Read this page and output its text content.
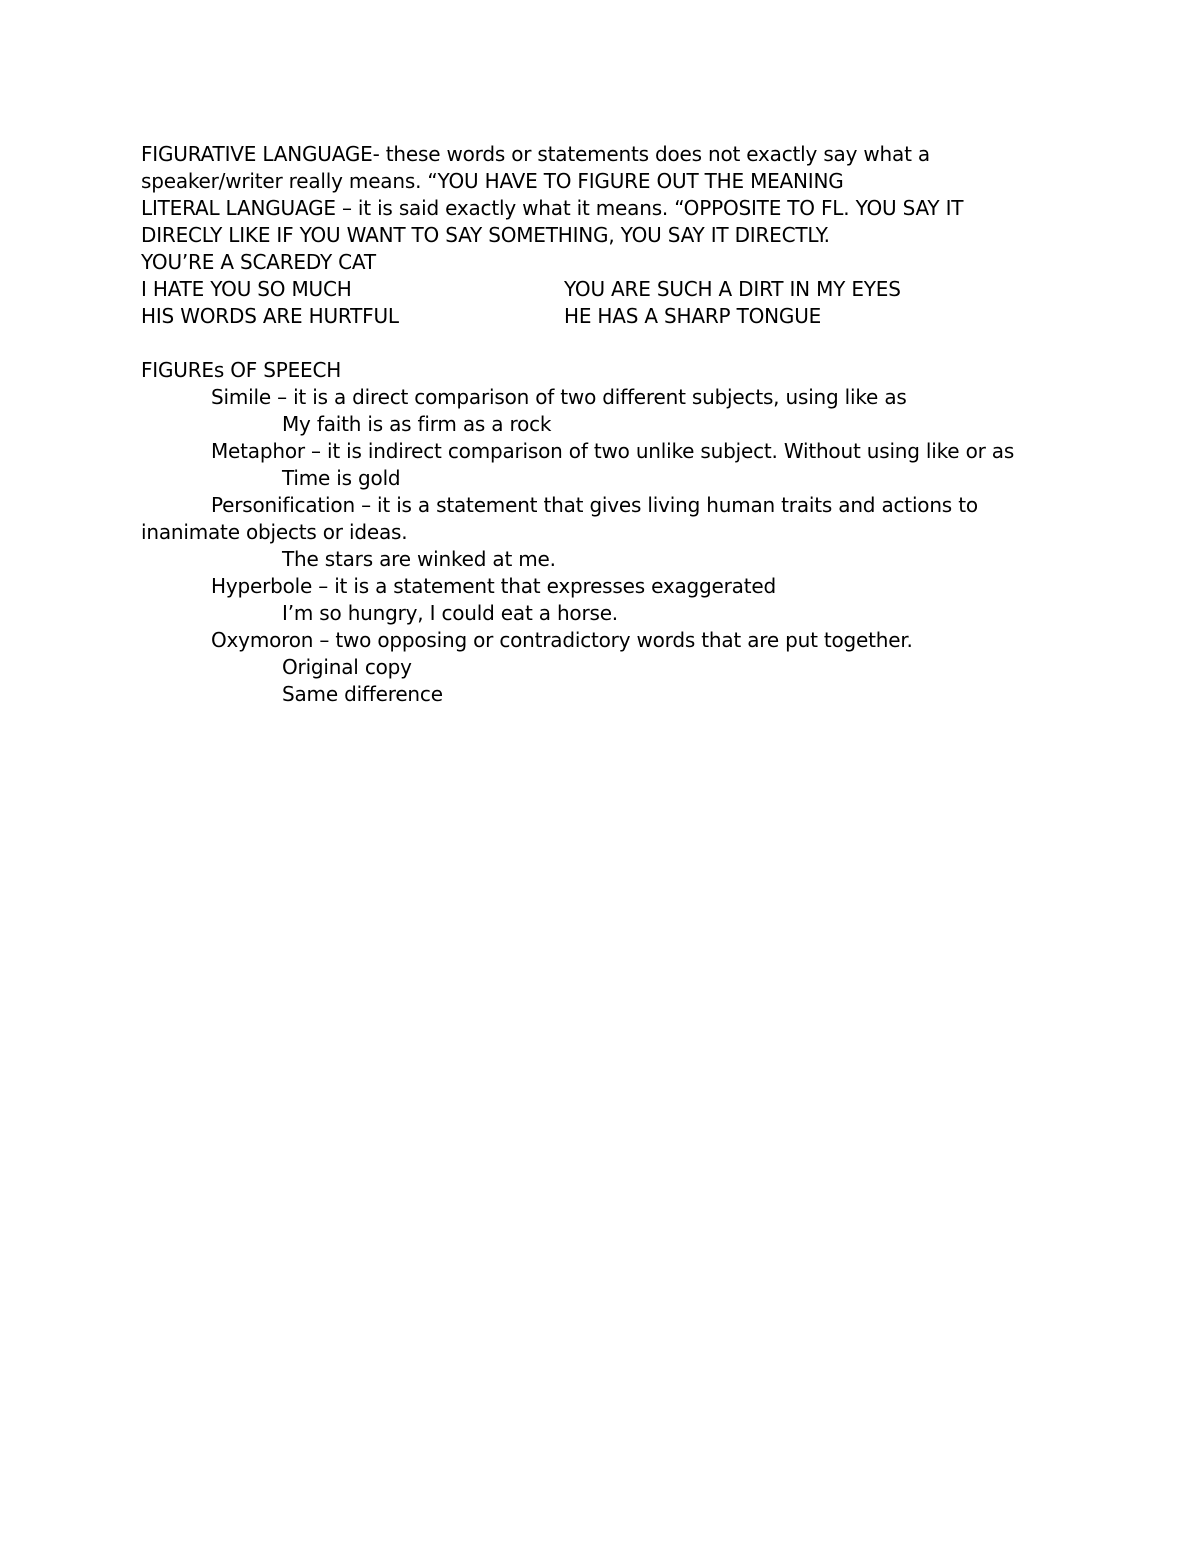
FIGURATIVE LANGUAGE- these words or statements does not exactly say what a

speaker/writer really means. “YOU HAVE TO FIGURE OUT THE MEANING

LITERAL LANGUAGE – it is said exactly what it means. “OPPOSITE TO FL. YOU SAY IT

DIRECLY LIKE IF YOU WANT TO SAY SOMETHING, YOU SAY IT DIRECTLY.

YOU’RE A SCAREDY CAT

I HATE YOU SO MUCH	YOU ARE SUCH A DIRT IN MY EYES
HIS WORDS ARE HURTFUL	HE HAS A SHARP TONGUE

FIGUREs OF SPEECH

Simile – it is a direct comparison of two different subjects, using like as

My faith is as firm as a rock

Metaphor – it is indirect comparison of two unlike subject. Without using like or as

Time is gold

Personification – it is a statement that gives living human traits and actions to inanimate objects or ideas.

The stars are winked at me.

Hyperbole – it is a statement that expresses exaggerated

I’m so hungry, I could eat a horse.

Oxymoron – two opposing or contradictory words that are put together.

Original copy

Same difference
